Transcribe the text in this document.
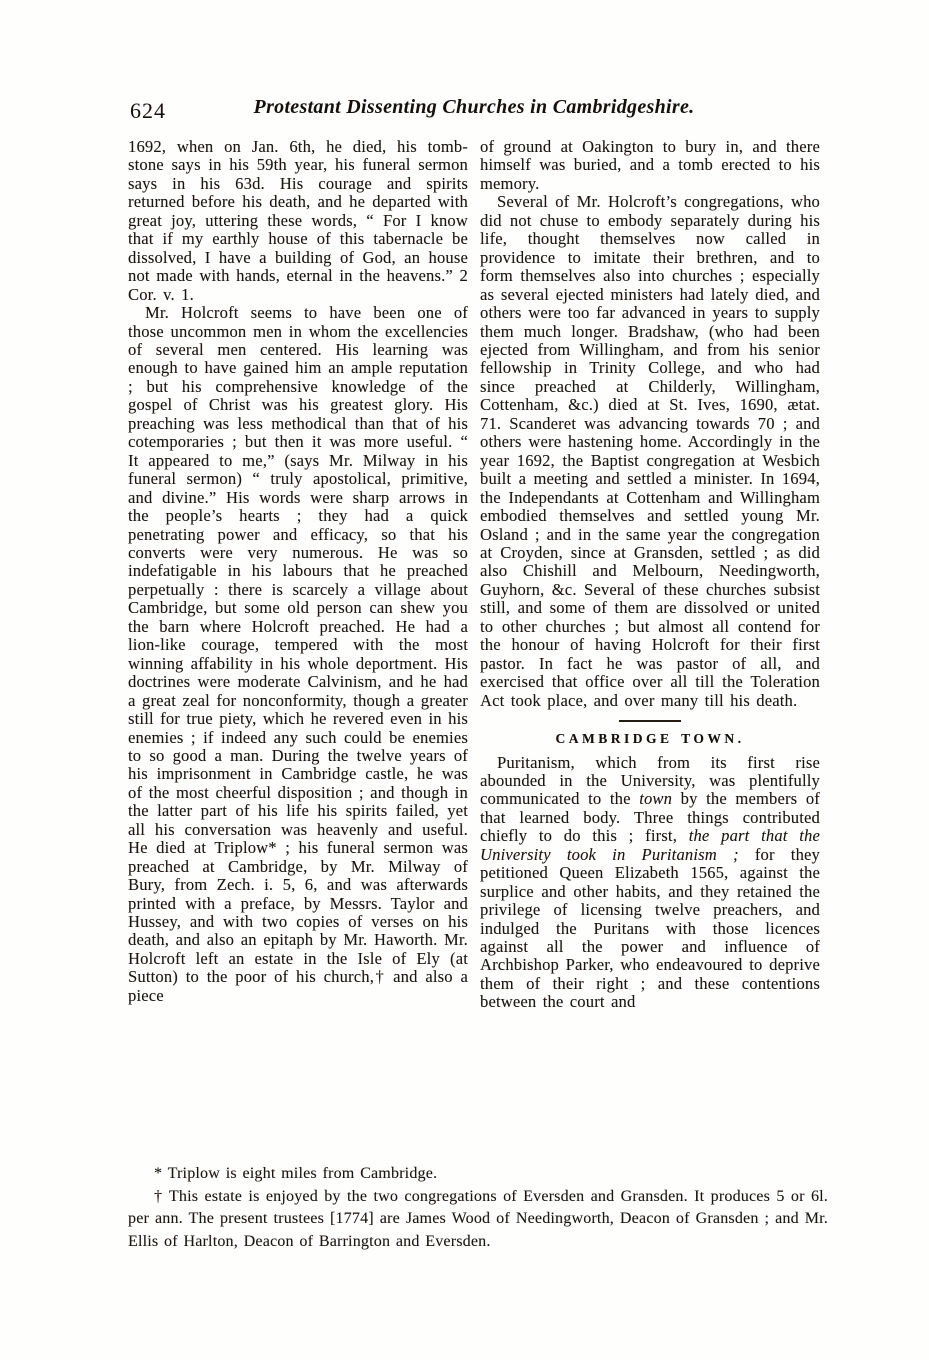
624	Protestant Dissenting Churches in Cambridgeshire.

1692, when on Jan. 6th, he died, his tomb-stone says in his 59th year, his funeral sermon says in his 63d. His courage and spirits returned before his death, and he departed with great joy, uttering these words, “ For I know that if my earthly house of this tabernacle be dissolved, I have a building of God, an house not made with hands, eternal in the heavens.” 2 Cor. v. 1.

Mr. Holcroft seems to have been one of those uncommon men in whom the excellencies of several men centered. His learning was enough to have gained him an ample reputation ; but his comprehensive knowledge of the gospel of Christ was his greatest glory. His preaching was less methodical than that of his cotemporaries ; but then it was more useful. “ It appeared to me,” (says Mr. Milway in his funeral sermon) “ truly apostolical, primitive, and divine.” His words were sharp arrows in the people’s hearts ; they had a quick penetrating power and efficacy, so that his converts were very numerous. He was so indefatigable in his labours that he preached perpetually : there is scarcely a village about Cambridge, but some old person can shew you the barn where Holcroft preached. He had a lion-like courage, tempered with the most winning affability in his whole deportment. His doctrines were moderate Calvinism, and he had a great zeal for nonconformity, though a greater still for true piety, which he revered even in his enemies ; if indeed any such could be enemies to so good a man. During the twelve years of his imprisonment in Cambridge castle, he was of the most cheerful disposition ; and though in the latter part of his life his spirits failed, yet all his conversation was heavenly and useful. He died at Triplow* ; his funeral sermon was preached at Cambridge, by Mr. Milway of Bury, from Zech. i. 5, 6, and was afterwards printed with a preface, by Messrs. Taylor and Hussey, and with two copies of verses on his death, and also an epitaph by Mr. Haworth. Mr. Holcroft left an estate in the Isle of Ely (at Sutton) to the poor of his church,† and also a piece

of ground at Oakington to bury in, and there himself was buried, and a tomb erected to his memory.

Several of Mr. Holcroft’s congregations, who did not chuse to embody separately during his life, thought themselves now called in providence to imitate their brethren, and to form themselves also into churches ; especially as several ejected ministers had lately died, and others were too far advanced in years to supply them much longer. Bradshaw, (who had been ejected from Willingham, and from his senior fellowship in Trinity College, and who had since preached at Childerly, Willingham, Cottenham, &c.) died at St. Ives, 1690, ætat. 71. Scanderet was advancing towards 70 ; and others were hastening home. Accordingly in the year 1692, the Baptist congregation at Wesbich built a meeting and settled a minister. In 1694, the Independants at Cottenham and Willingham embodied themselves and settled young Mr. Osland ; and in the same year the congregation at Croyden, since at Gransden, settled ; as did also Chishill and Melbourn, Needingworth, Guyhorn, &c. Several of these churches subsist still, and some of them are dissolved or united to other churches ; but almost all contend for the honour of having Holcroft for their first pastor. In fact he was pastor of all, and exercised that office over all till the Toleration Act took place, and over many till his death.

CAMBRIDGE TOWN.

Puritanism, which from its first rise abounded in the University, was plentifully communicated to the town by the members of that learned body. Three things contributed chiefly to do this ; first, the part that the University took in Puritanism ; for they petitioned Queen Elizabeth 1565, against the surplice and other habits, and they retained the privilege of licensing twelve preachers, and indulged the Puritans with those licences against all the power and influence of Archbishop Parker, who endeavoured to deprive them of their right ; and these contentions between the court and

* Triplow is eight miles from Cambridge.

† This estate is enjoyed by the two congregations of Eversden and Gransden. It produces 5 or 6l. per ann. The present trustees [1774] are James Wood of Needingworth, Deacon of Gransden ; and Mr. Ellis of Harlton, Deacon of Barrington and Eversden.
